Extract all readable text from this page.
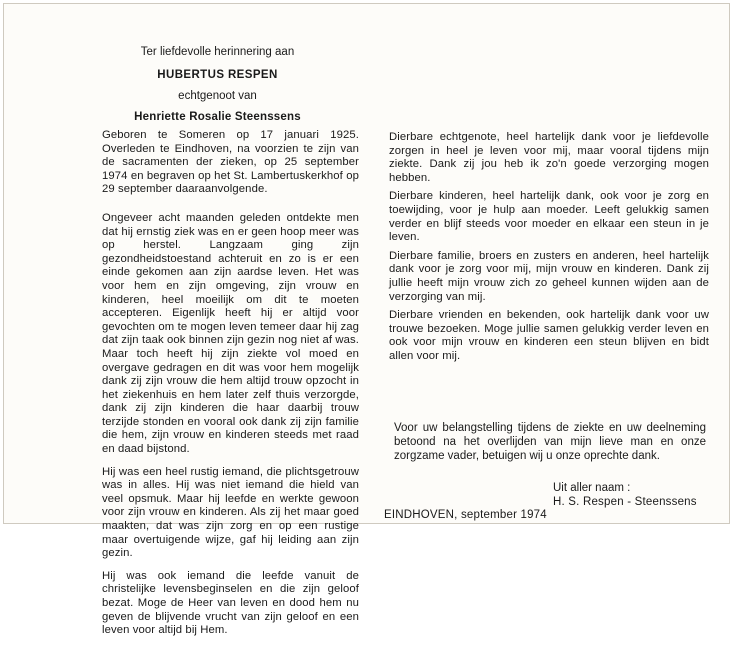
Ter liefdevolle herinnering aan
HUBERTUS RESPEN
echtgenoot van
Henriette Rosalie Steenssens

Geboren te Someren op 17 januari 1925. Overleden te Eindhoven, na voorzien te zijn van de sacramenten der zieken, op 25 september 1974 en begraven op het St. Lambertuskerkhof op 29 september daaraanvolgende.

Ongeveer acht maanden geleden ontdekte men dat hij ernstig ziek was en er geen hoop meer was op herstel. Langzaam ging zijn gezondheidstoestand achteruit en zo is er een einde gekomen aan zijn aardse leven. Het was voor hem en zijn omgeving, zijn vrouw en kinderen, heel moeilijk om dit te moeten accepteren. Eigenlijk heeft hij er altijd voor gevochten om te mogen leven temeer daar hij zag dat zijn taak ook binnen zijn gezin nog niet af was. Maar toch heeft hij zijn ziekte vol moed en overgave gedragen en dit was voor hem mogelijk dank zij zijn vrouw die hem altijd trouw opzocht in het ziekenhuis en hem later zelf thuis verzorgde, dank zij zijn kinderen die haar daarbij trouw terzijde stonden en vooral ook dank zij zijn familie die hem, zijn vrouw en kinderen steeds met raad en daad bijstond.

Hij was een heel rustig iemand, die plichtsgetrouw was in alles. Hij was niet iemand die hield van veel opsmuk. Maar hij leefde en werkte gewoon voor zijn vrouw en kinderen. Als zij het maar goed maakten, dat was zijn zorg en op een rustige maar overtuigende wijze, gaf hij leiding aan zijn gezin.

Hij was ook iemand die leefde vanuit de christelijke levensbeginselen en die zijn geloof bezat. Moge de Heer van leven en dood hem nu geven de blijvende vrucht van zijn geloof en een leven voor altijd bij Hem.

Dierbare echtgenote, heel hartelijk dank voor je liefdevolle zorgen in heel je leven voor mij, maar vooral tijdens mijn ziekte. Dank zij jou heb ik zo'n goede verzorging mogen hebben.

Dierbare kinderen, heel hartelijk dank, ook voor je zorg en toewijding, voor je hulp aan moeder. Leeft gelukkig samen verder en blijf steeds voor moeder en elkaar een steun in je leven.

Dierbare familie, broers en zusters en anderen, heel hartelijk dank voor je zorg voor mij, mijn vrouw en kinderen. Dank zij jullie heeft mijn vrouw zich zo geheel kunnen wijden aan de verzorging van mij.

Dierbare vrienden en bekenden, ook hartelijk dank voor uw trouwe bezoeken. Moge jullie samen gelukkig verder leven en ook voor mijn vrouw en kinderen een steun blijven en bidt allen voor mij.

Voor uw belangstelling tijdens de ziekte en uw deelneming betoond na het overlijden van mijn lieve man en onze zorgzame vader, betuigen wij u onze oprechte dank.
Uit aller naam :
H. S. Respen - Steenssens
EINDHOVEN, september 1974
